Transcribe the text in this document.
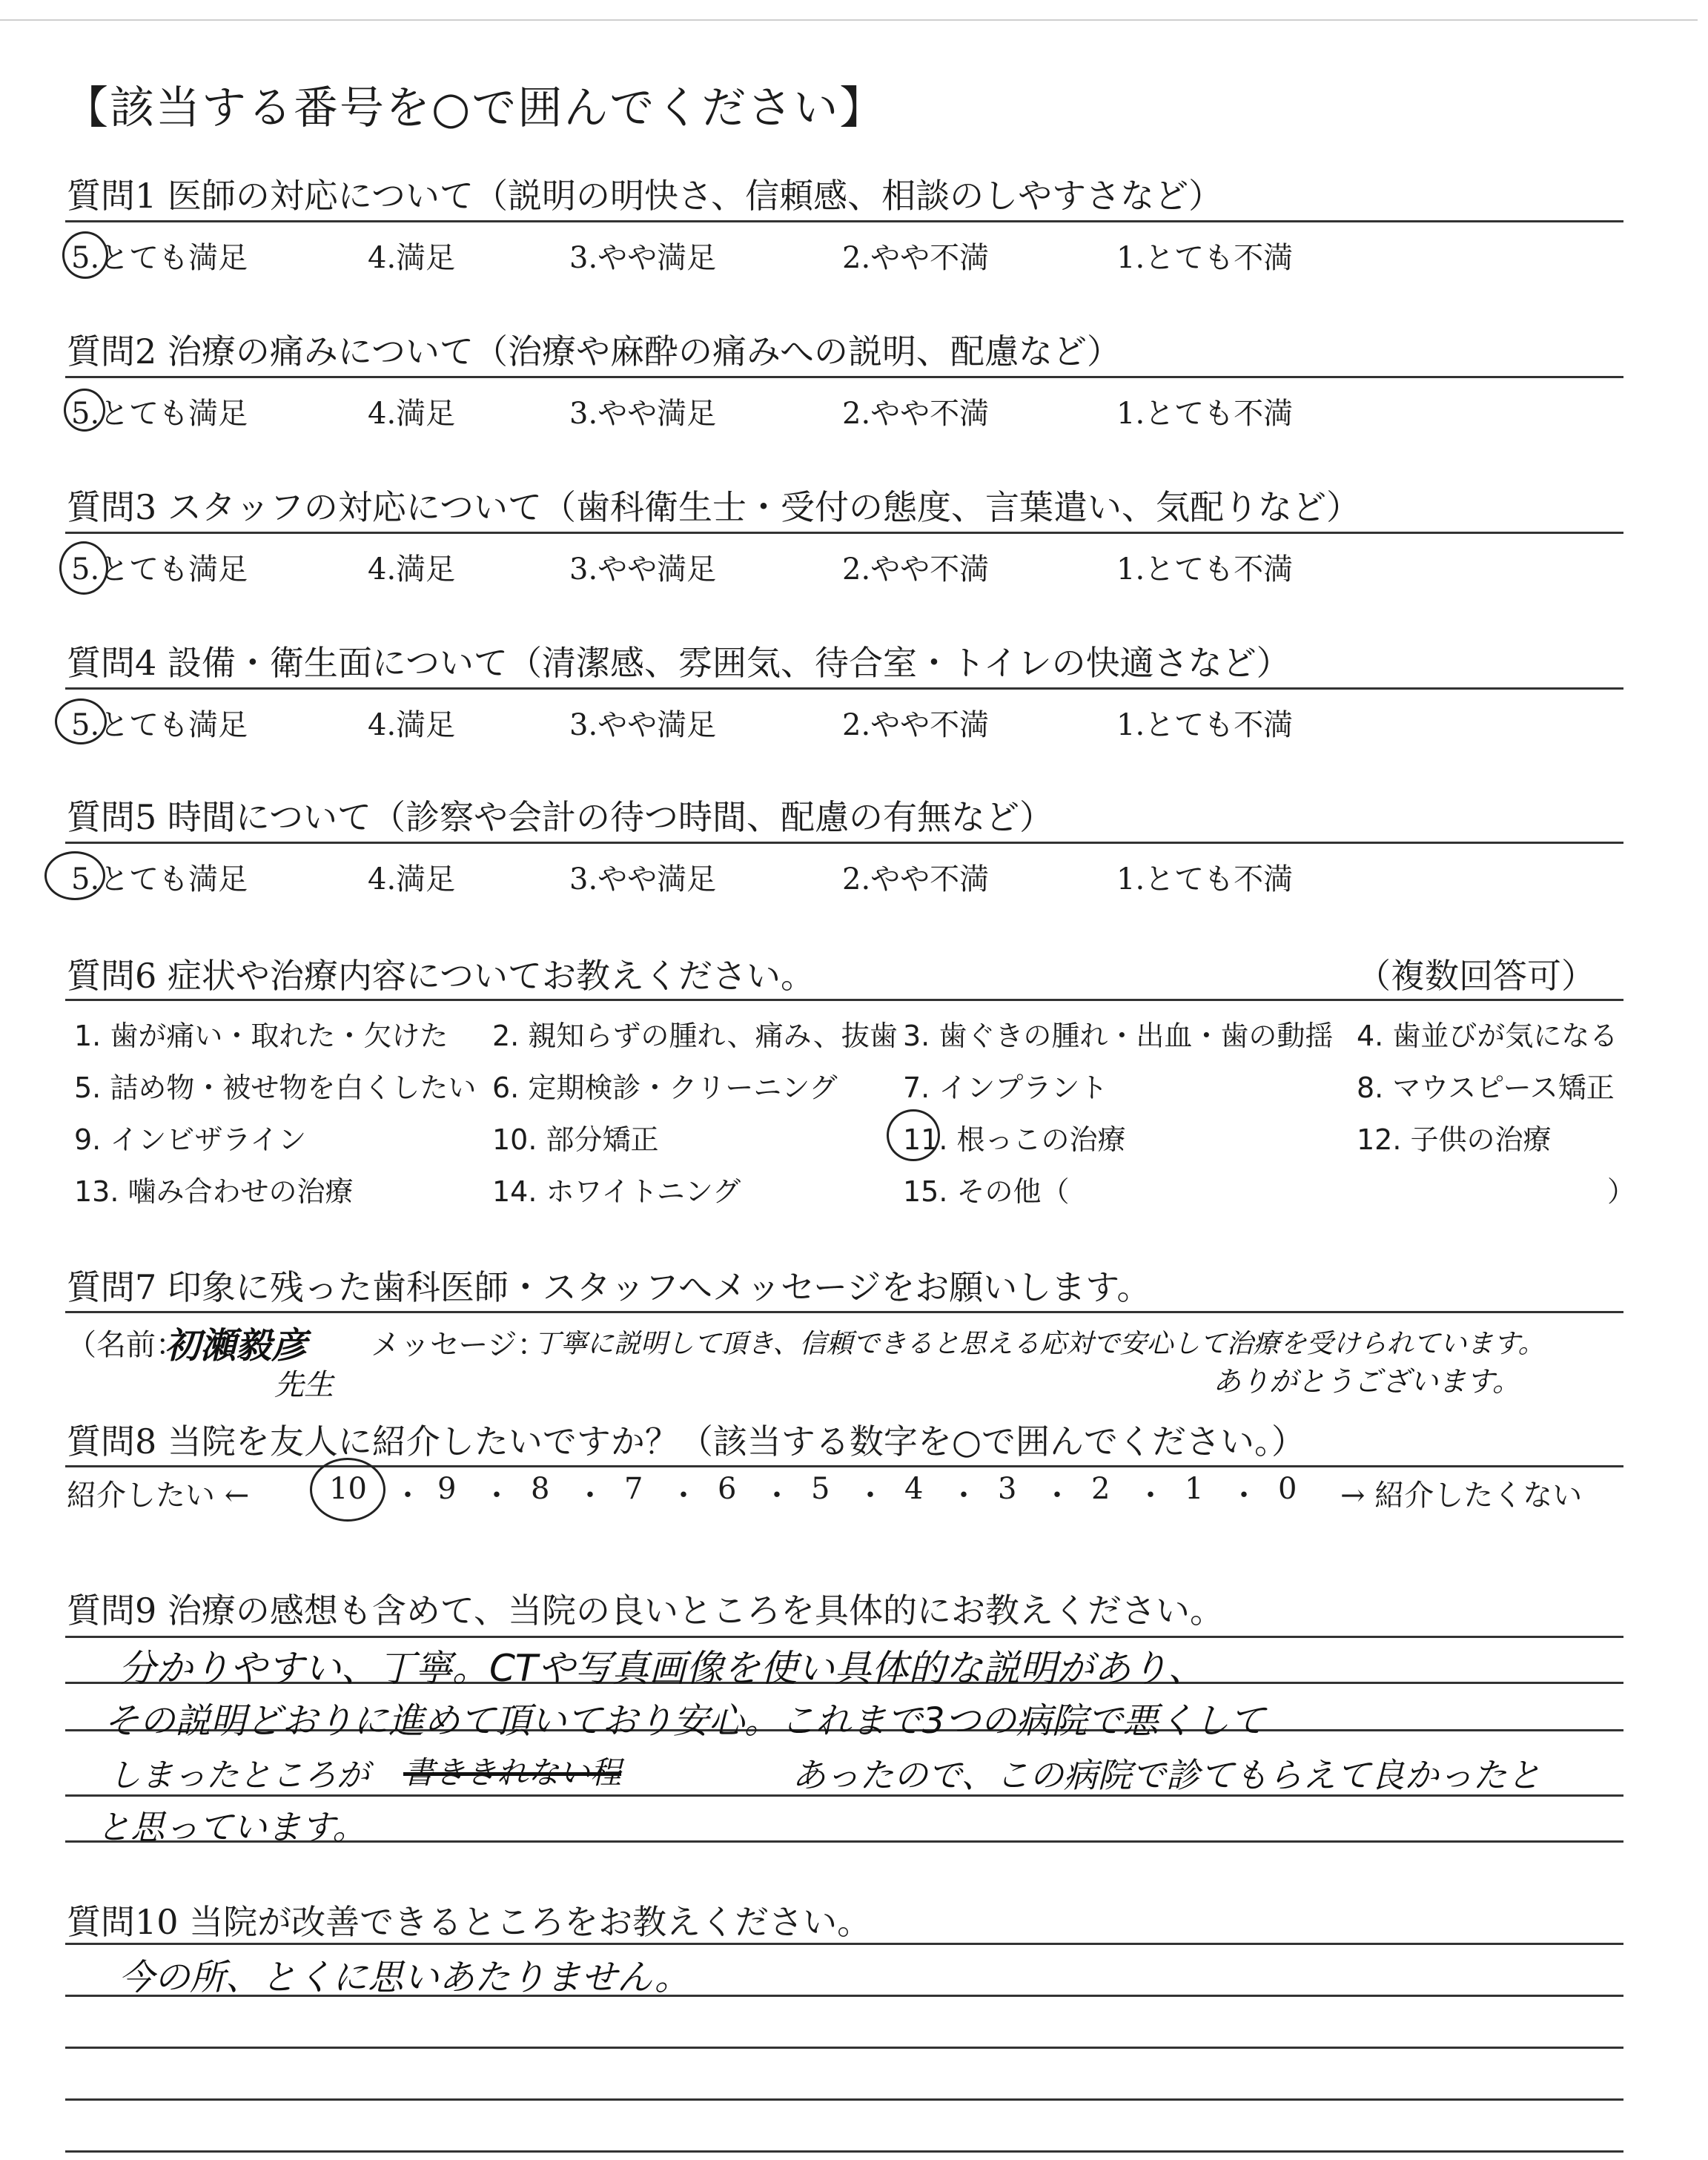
【該当する番号を○で囲んでください】
質問1 医師の対応について（説明の明快さ、信頼感、相談のしやすさなど）
5.とても満足	4.満足	3.やや満足	2.やや不満	1.とても不満
質問2 治療の痛みについて（治療や麻酔の痛みへの説明、配慮など）
5.とても満足	4.満足	3.やや満足	2.やや不満	1.とても不満
質問3 スタッフの対応について（歯科衛生士・受付の態度、言葉遣い、気配りなど）
5.とても満足	4.満足	3.やや満足	2.やや不満	1.とても不満
質問4 設備・衛生面について（清潔感、雰囲気、待合室・トイレの快適さなど）
5.とても満足	4.満足	3.やや満足	2.やや不満	1.とても不満
質問5 時間について（診察や会計の待つ時間、配慮の有無など）
5.とても満足	4.満足	3.やや満足	2.やや不満	1.とても不満
質問6 症状や治療内容についてお教えください。	（複数回答可）
1. 歯が痛い・取れた・欠けた 2. 親知らずの腫れ、痛み、抜歯 3. 歯ぐきの腫れ・出血・歯の動揺 4. 歯並びが気になる
5. 詰め物・被せ物を白くしたい 6. 定期検診・クリーニング 7. インプラント	8. マウスピース矯正
9. インビザライン	10. 部分矯正	11. 根っこの治療	12. 子供の治療
13. 噛み合わせの治療	14. ホワイトニング	15. その他（	）
質問7 印象に残った歯科医師・スタッフへメッセージをお願いします。
（名前：
初瀬毅彦
先生
メッセージ：
丁寧に説明して頂き、信頼できると思える応対で安心して治療を受けられています。
ありがとうございます。
質問8 当院を友人に紹介したいですか？（該当する数字を○で囲んでください。）
紹介したい ←	10 ・ 9 ・ 8 ・ 7 ・ 6 ・ 5 ・ 4 ・ 3 ・ 2 ・ 1 ・ 0 → 紹介したくない
質問9 治療の感想も含めて、当院の良いところを具体的にお教えください。
分かりやすい、丁寧。CTや写真画像を使い具体的な説明があり、
その説明どおりに進めて頂いており安心。これまで3つの病院で悪くして
しまったところが 書ききれない程	あったので、この病院で診てもらえて良かったと
と思っています。
質問10 当院が改善できるところをお教えください。
今の所、とくに思いあたりません。
